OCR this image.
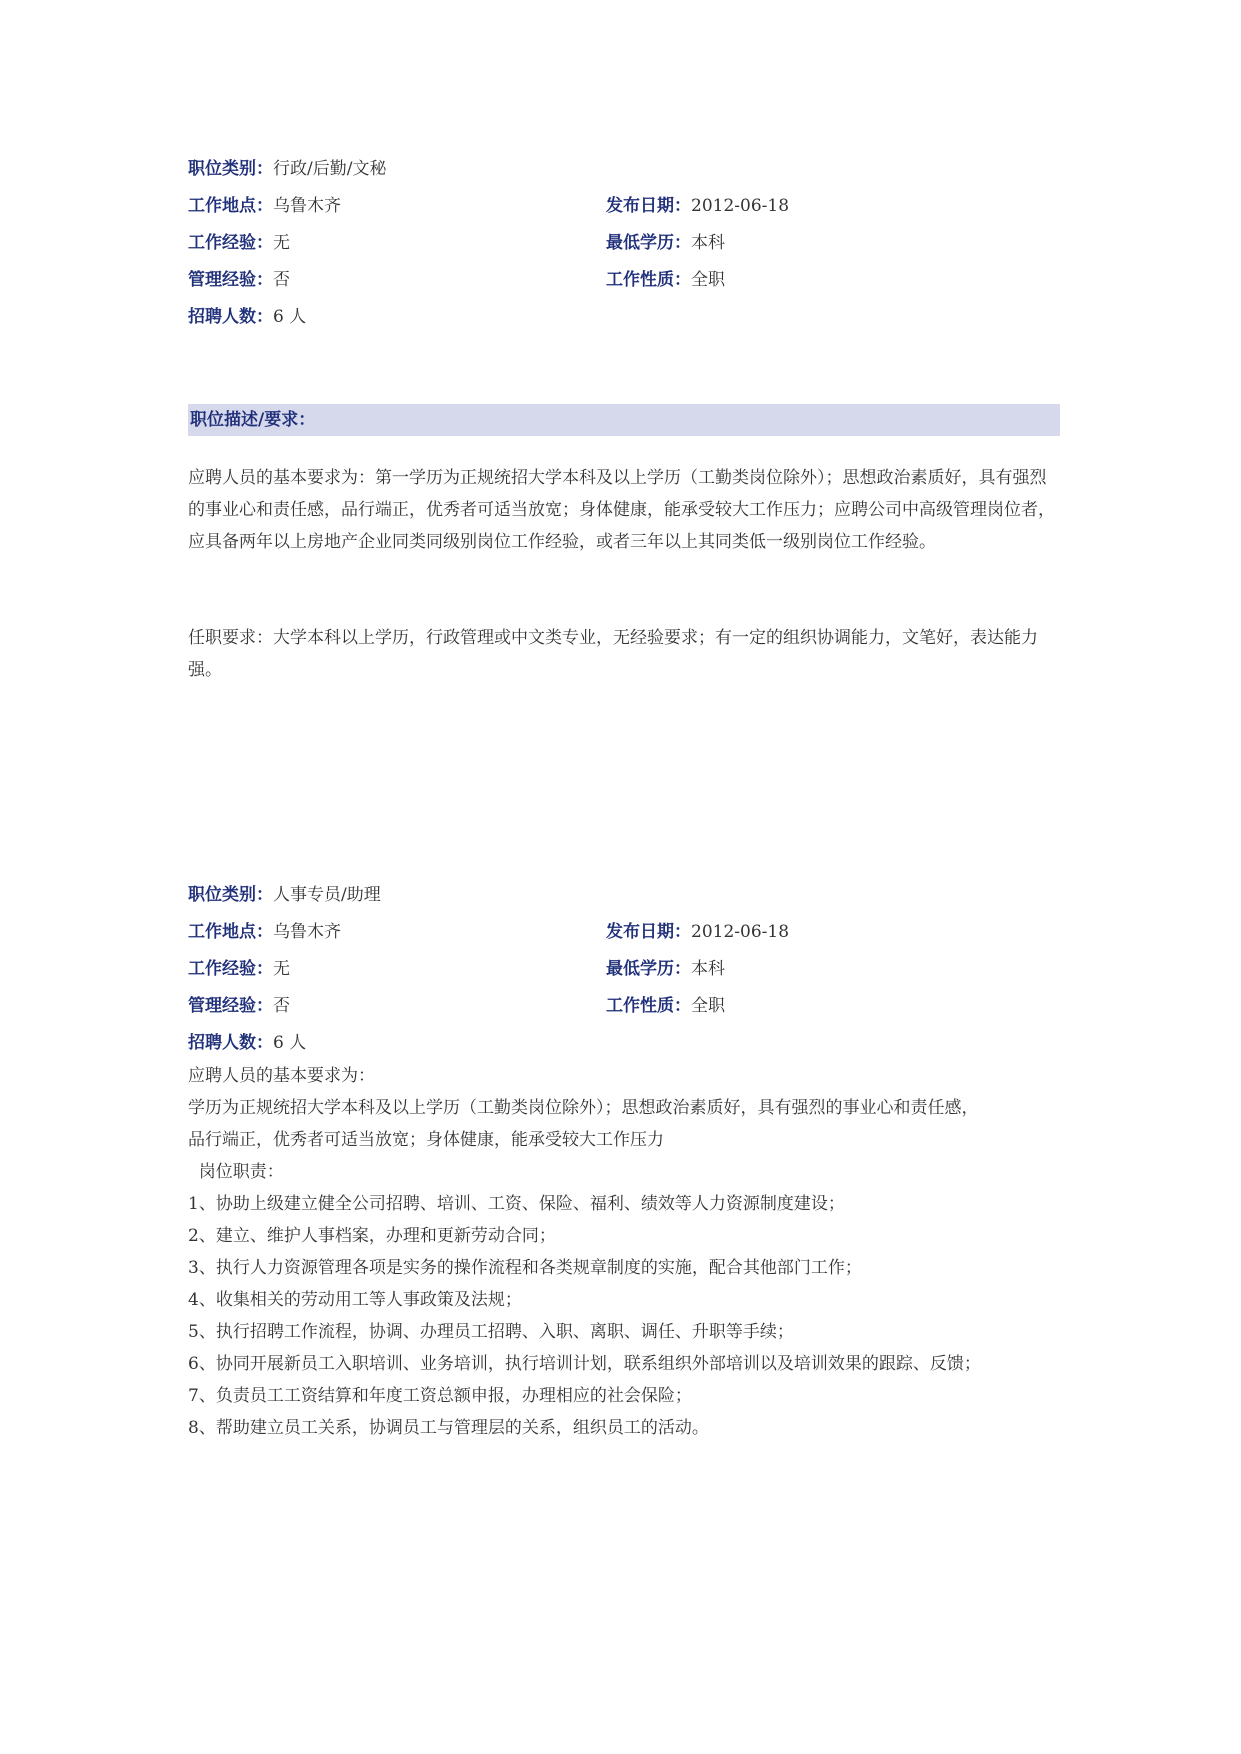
职位类别：行政/后勤/文秘
工作地点：乌鲁木齐	发布日期：2012-06-18
工作经验：无	最低学历：本科
管理经验：否	工作性质：全职
招聘人数：6 人
职位描述/要求：

应聘人员的基本要求为：第一学历为正规统招大学本科及以上学历（工勤类岗位除外）；思想政治素质好，具有强烈的事业心和责任感，品行端正，优秀者可适当放宽；身体健康，能承受较大工作压力；应聘公司中高级管理岗位者，应具备两年以上房地产企业同类同级别岗位工作经验，或者三年以上其同类低一级别岗位工作经验。

任职要求：大学本科以上学历，行政管理或中文类专业，无经验要求；有一定的组织协调能力，文笔好，表达能力强。

职位类别：人事专员/助理
工作地点：乌鲁木齐	发布日期：2012-06-18
工作经验：无	最低学历：本科
管理经验：否	工作性质：全职
招聘人数：6 人
应聘人员的基本要求为：
学历为正规统招大学本科及以上学历（工勤类岗位除外）；思想政治素质好，具有强烈的事业心和责任感，
品行端正，优秀者可适当放宽；身体健康，能承受较大工作压力
岗位职责：
1、协助上级建立健全公司招聘、培训、工资、保险、福利、绩效等人力资源制度建设；
2、建立、维护人事档案，办理和更新劳动合同；
3、执行人力资源管理各项是实务的操作流程和各类规章制度的实施，配合其他部门工作；
4、收集相关的劳动用工等人事政策及法规；
5、执行招聘工作流程，协调、办理员工招聘、入职、离职、调任、升职等手续；
6、协同开展新员工入职培训、业务培训，执行培训计划，联系组织外部培训以及培训效果的跟踪、反馈；
7、负责员工工资结算和年度工资总额申报，办理相应的社会保险；
8、帮助建立员工关系，协调员工与管理层的关系，组织员工的活动。
